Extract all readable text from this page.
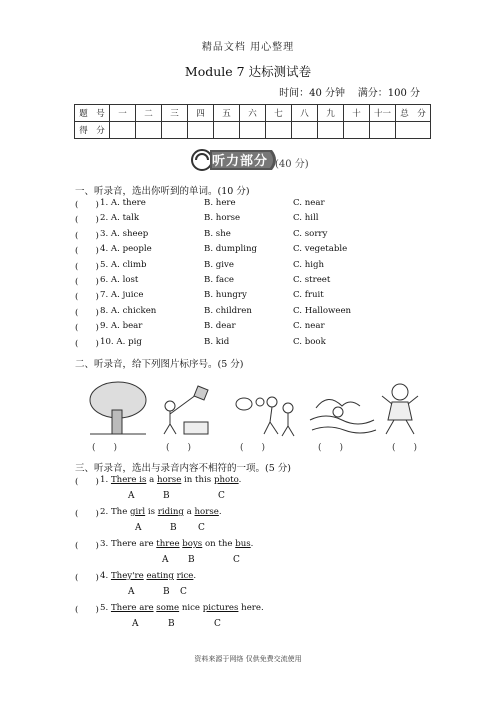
精品文档 用心整理
Module 7 达标测试卷
时间：40 分钟 满分：100 分
题　号	一	二	三	四	五	六	七	八	九	十	十一	总　分
得　分												
听力部分 (40 分)
一、听录音，选出你听到的单词。(10 分)
(　　) 1. A. there	B. here	C. near
(　　) 2. A. talk	B. horse	C. hill
(　　) 3. A. sheep	B. she	C. sorry
(　　) 4. A. people	B. dumpling	C. vegetable
(　　) 5. A. climb	B. give	C. high
(　　) 6. A. lost	B. face	C. street
(　　) 7. A. juice	B. hungry	C. fruit
(　　) 8. A. chicken	B. children	C. Halloween
(　　) 9. A. bear	B. dear	C. near
(　　) 10. A. pig	B. kid	C. book
二、听录音，给下列图片标序号。(5 分)
(　　)	(　　)	(　　)	(　　)	(　　)
三、听录音，选出与录音内容不相符的一项。(5 分)
(　　) 1. There is a horse in this photo.
A	B	C
(　　) 2. The girl is riding a horse.
A	B C
(　　) 3. There are three boys on the bus.
A B	C
(　　) 4. They're eating rice.
A	B C
(　　) 5. There are some nice pictures here.
A	B	C
资料来源于网络 仅供免费交流使用
